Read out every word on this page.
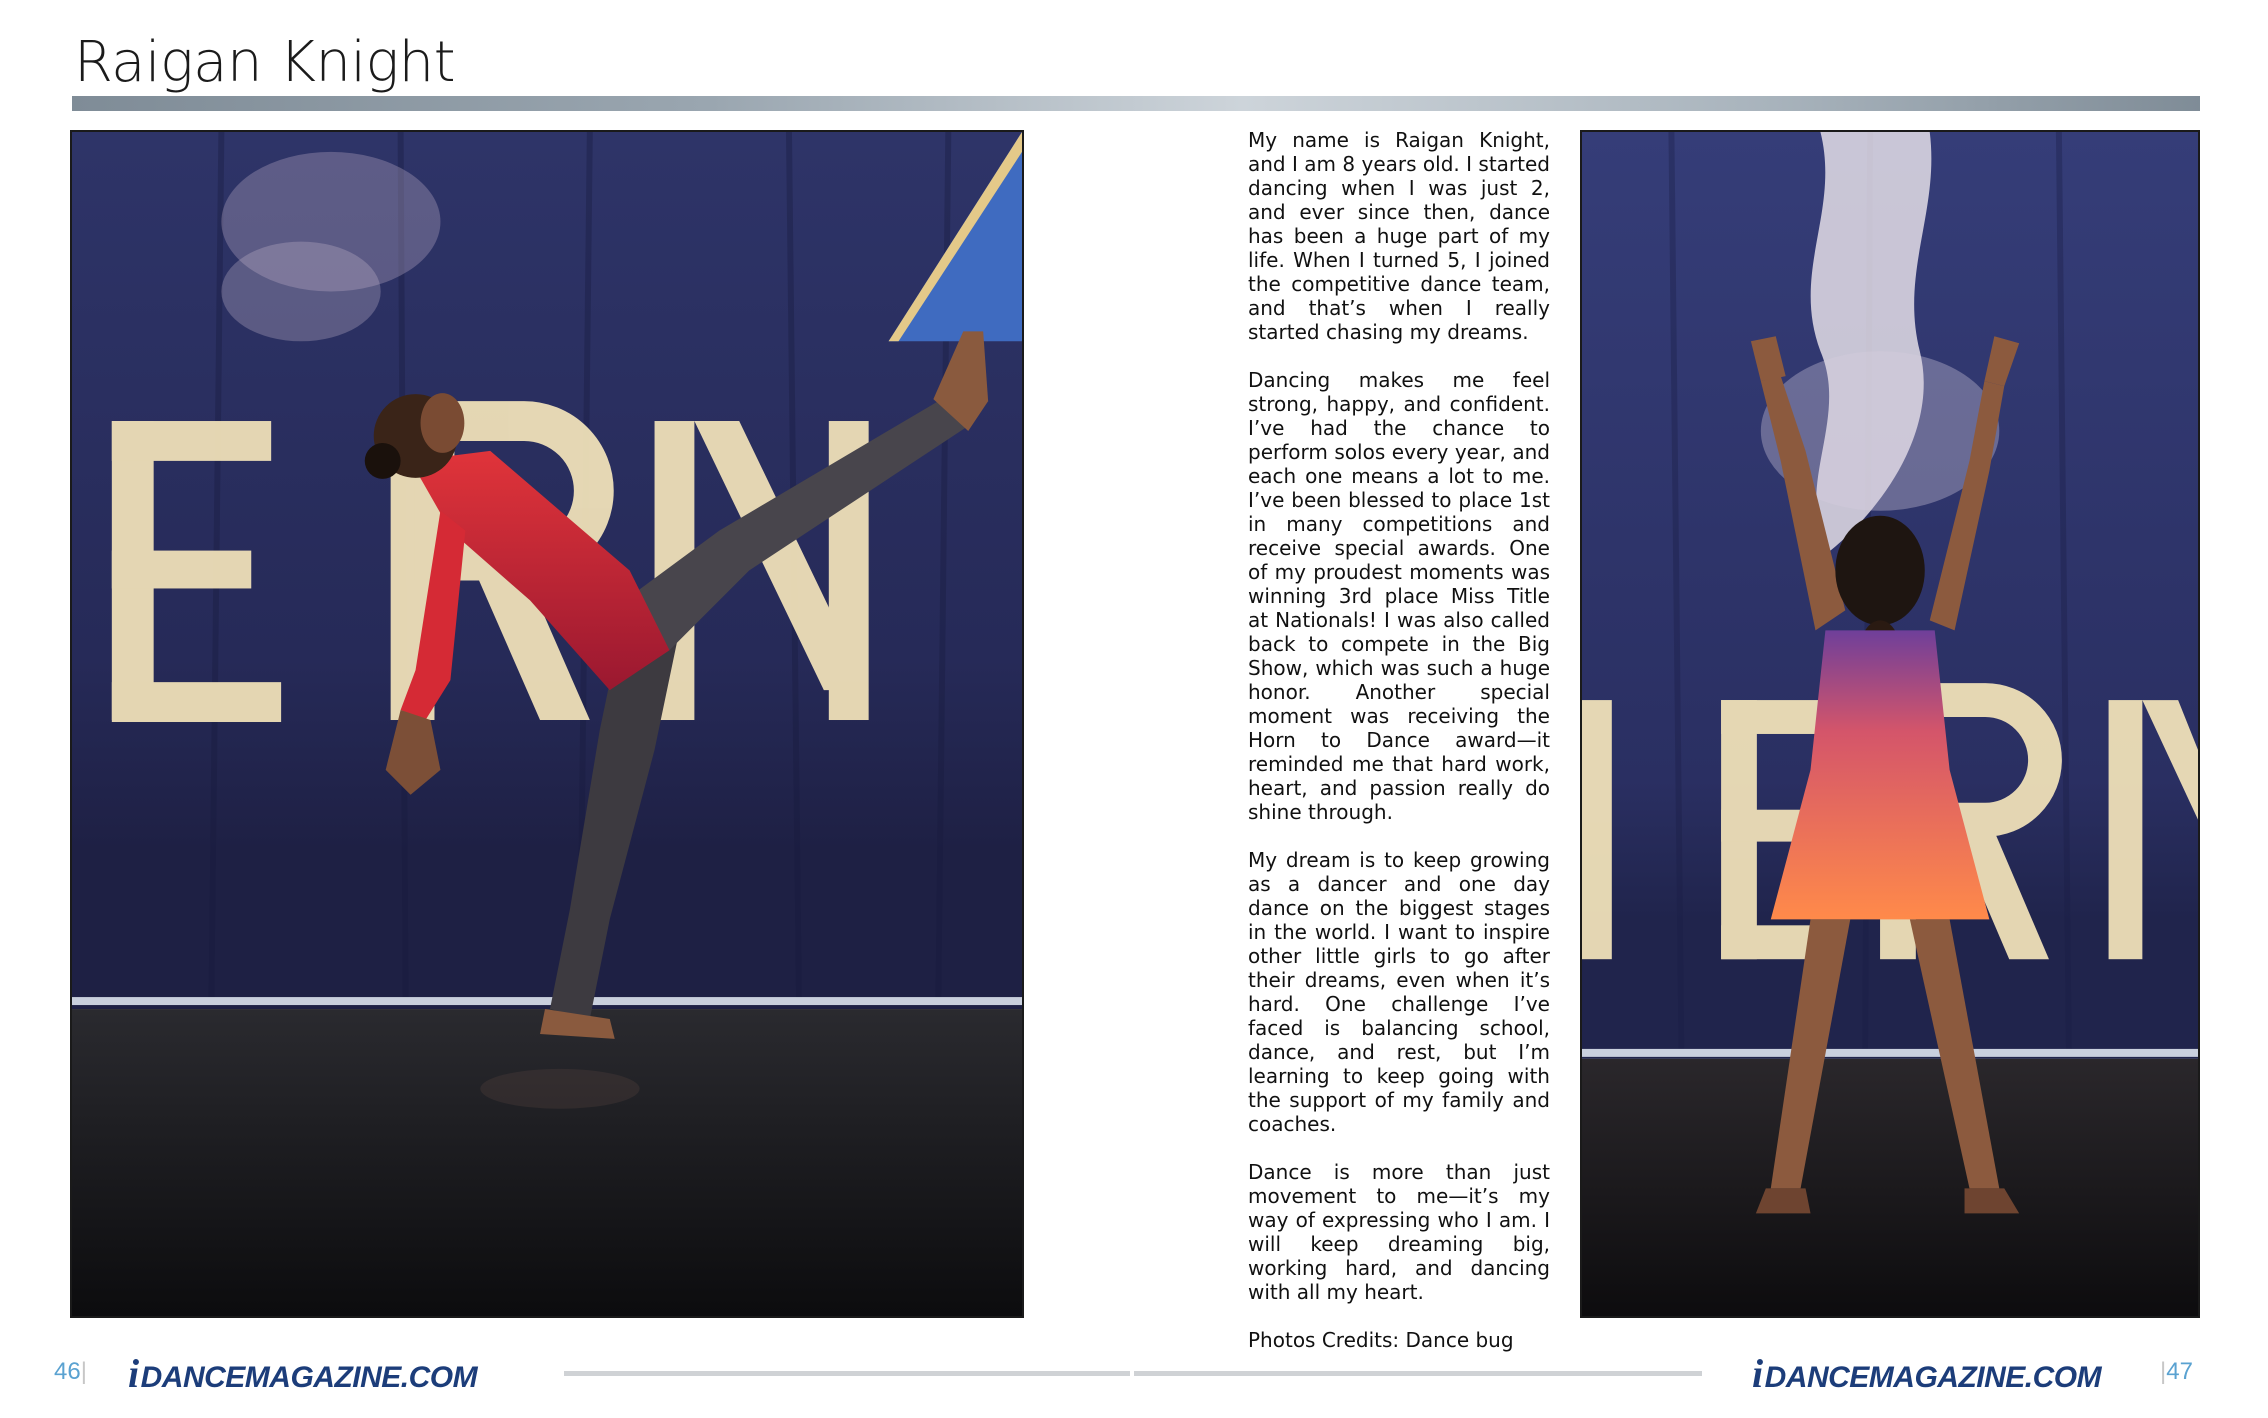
Raigan Knight

My name is Raigan Knight, and I am 8 years old. I started dancing when I was just 2, and ever since then, dance has been a huge part of my life. When I turned 5, I joined the competitive dance team, and that’s when I really started chasing my dreams.

Dancing makes me feel strong, happy, and confident. I’ve had the chance to perform solos every year, and each one means a lot to me. I’ve been blessed to place 1st in many competitions and receive special awards. One of my proudest moments was winning 3rd place Miss Title at Nationals! I was also called back to compete in the Big Show, which was such a huge honor. Another special moment was receiving the Horn to Dance award—it reminded me that hard work, heart, and passion really do shine through.

My dream is to keep growing as a dancer and one day dance on the biggest stages in the world. I want to inspire other little girls to go after their dreams, even when it’s hard. One challenge I’ve faced is balancing school, dance, and rest, but I’m learning to keep going with the support of my family and coaches.

Dance is more than just movement to me—it’s my way of expressing who I am. I will keep dreaming big, working hard, and dancing with all my heart.

Photos Credits: Dance bug

46| i DANCE MAGAZINE.COM	i DANCE MAGAZINE.COM |47
